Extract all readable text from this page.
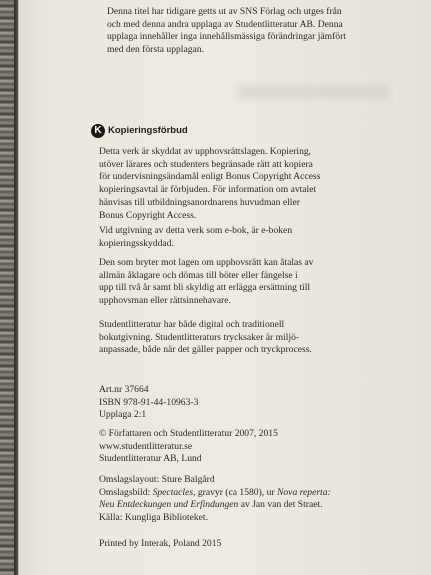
Denna titel har tidigare getts ut av SNS Förlag och utges från

och med denna andra upplaga av Studentlitteratur AB. Denna

upplaga innehåller inga innehållsmässiga förändringar jämfört

med den första upplagan.

K Kopieringsförbud

Detta verk är skyddat av upphovsrättslagen. Kopiering,

utöver lärares och studenters begränsade rätt att kopiera

för undervisningsändamål enligt Bonus Copyright Access

kopieringsavtal är förbjuden. För information om avtalet

hänvisas till utbildningsanordnarens huvudman eller

Bonus Copyright Access.

Vid utgivning av detta verk som e-bok, är e-boken

kopieringsskyddad.

Den som bryter mot lagen om upphovsrätt kan åtalas av

allmän åklagare och dömas till böter eller fängelse i

upp till två år samt bli skyldig att erlägga ersättning till

upphovsman eller rättsinnehavare.

Studentlitteratur har både digital och traditionell

bokutgivning. Studentlitteraturs trycksaker är miljö-

anpassade, både när det gäller papper och tryckprocess.

Art.nr 37664

ISBN 978-91-44-10963-3

Upplaga 2:1

© Författaren och Studentlitteratur 2007, 2015

www.studentlitteratur.se

Studentlitteratur AB, Lund

Omslagslayout: Sture Balgård

Omslagsbild: Spectacles, gravyr (ca 1580), ur Nova reperta:

Neu Entdeckungen und Erfindungen av Jan van det Straet.

Källa: Kungliga Biblioteket.

Printed by Interak, Poland 2015
